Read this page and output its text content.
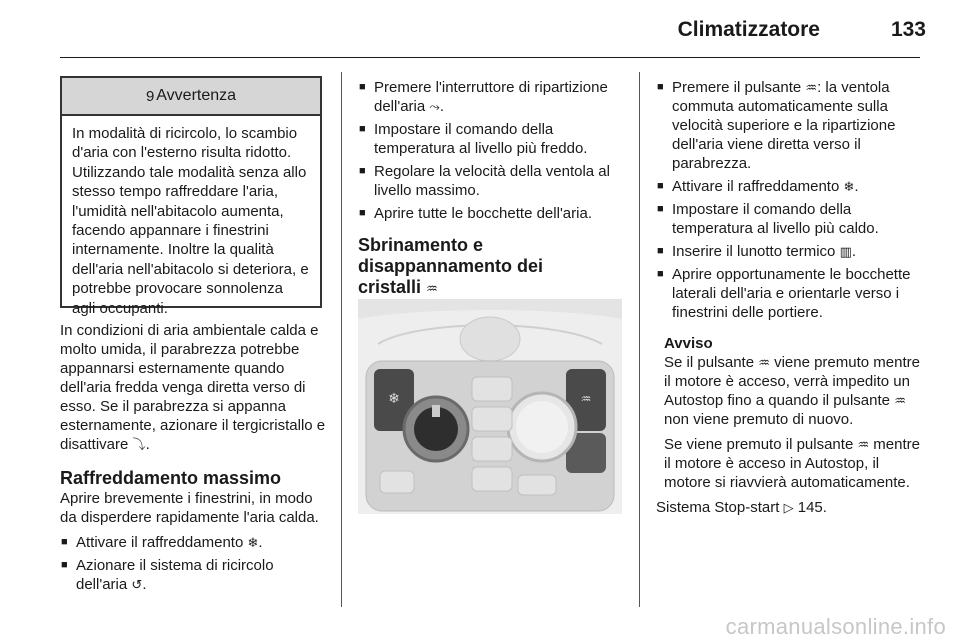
Climatizzatore	133
9 Avvertenza
In modalità di ricircolo, lo scambio d'aria con l'esterno risulta ridotto. Utilizzando tale modalità senza allo stesso tempo raffreddare l'aria, l'umidità nell'abitacolo aumenta, facendo appannare i finestrini internamente. Inoltre la qualità dell'aria nell'abitacolo si deteriora, e potrebbe provocare sonnolenza agli occupanti.

In condizioni di aria ambientale calda e molto umida, il parabrezza potrebbe appannarsi esternamente quando dell'aria fredda venga diretta verso di esso. Se il parabrezza si appanna esternamente, azionare il tergicristallo e disattivare ⤵.

Raffreddamento massimo

Aprire brevemente i finestrini, in modo da disperdere rapidamente l'aria calda.

■ Attivare il raffreddamento ❄.
■ Azionare il sistema di ricircolo dell'aria ↺.
■ Premere l'interruttore di ripartizione dell'aria ⤳.
■ Impostare il comando della temperatura al livello più freddo.
■ Regolare la velocità della ventola al livello massimo.
■ Aprire tutte le bocchette dell'aria.
Sbrinamento e disappannamento dei cristalli ♒
❄	♒
■ Premere il pulsante ♒: la ventola commuta automaticamente sulla velocità superiore e la ripartizione dell'aria viene diretta verso il parabrezza.
■ Attivare il raffreddamento ❄.
■ Impostare il comando della temperatura al livello più caldo.
■ Inserire il lunotto termico ▥.
■ Aprire opportunamente le bocchette laterali dell'aria e orientarle verso i finestrini delle portiere.

Avviso

Se il pulsante ♒ viene premuto mentre il motore è acceso, verrà impedito un Autostop fino a quando il pulsante ♒ non viene premuto di nuovo.

Se viene premuto il pulsante ♒ mentre il motore è acceso in Autostop, il motore si riavvierà automaticamente.

Sistema Stop-start ▷ 145.

carmanualsonline.info
